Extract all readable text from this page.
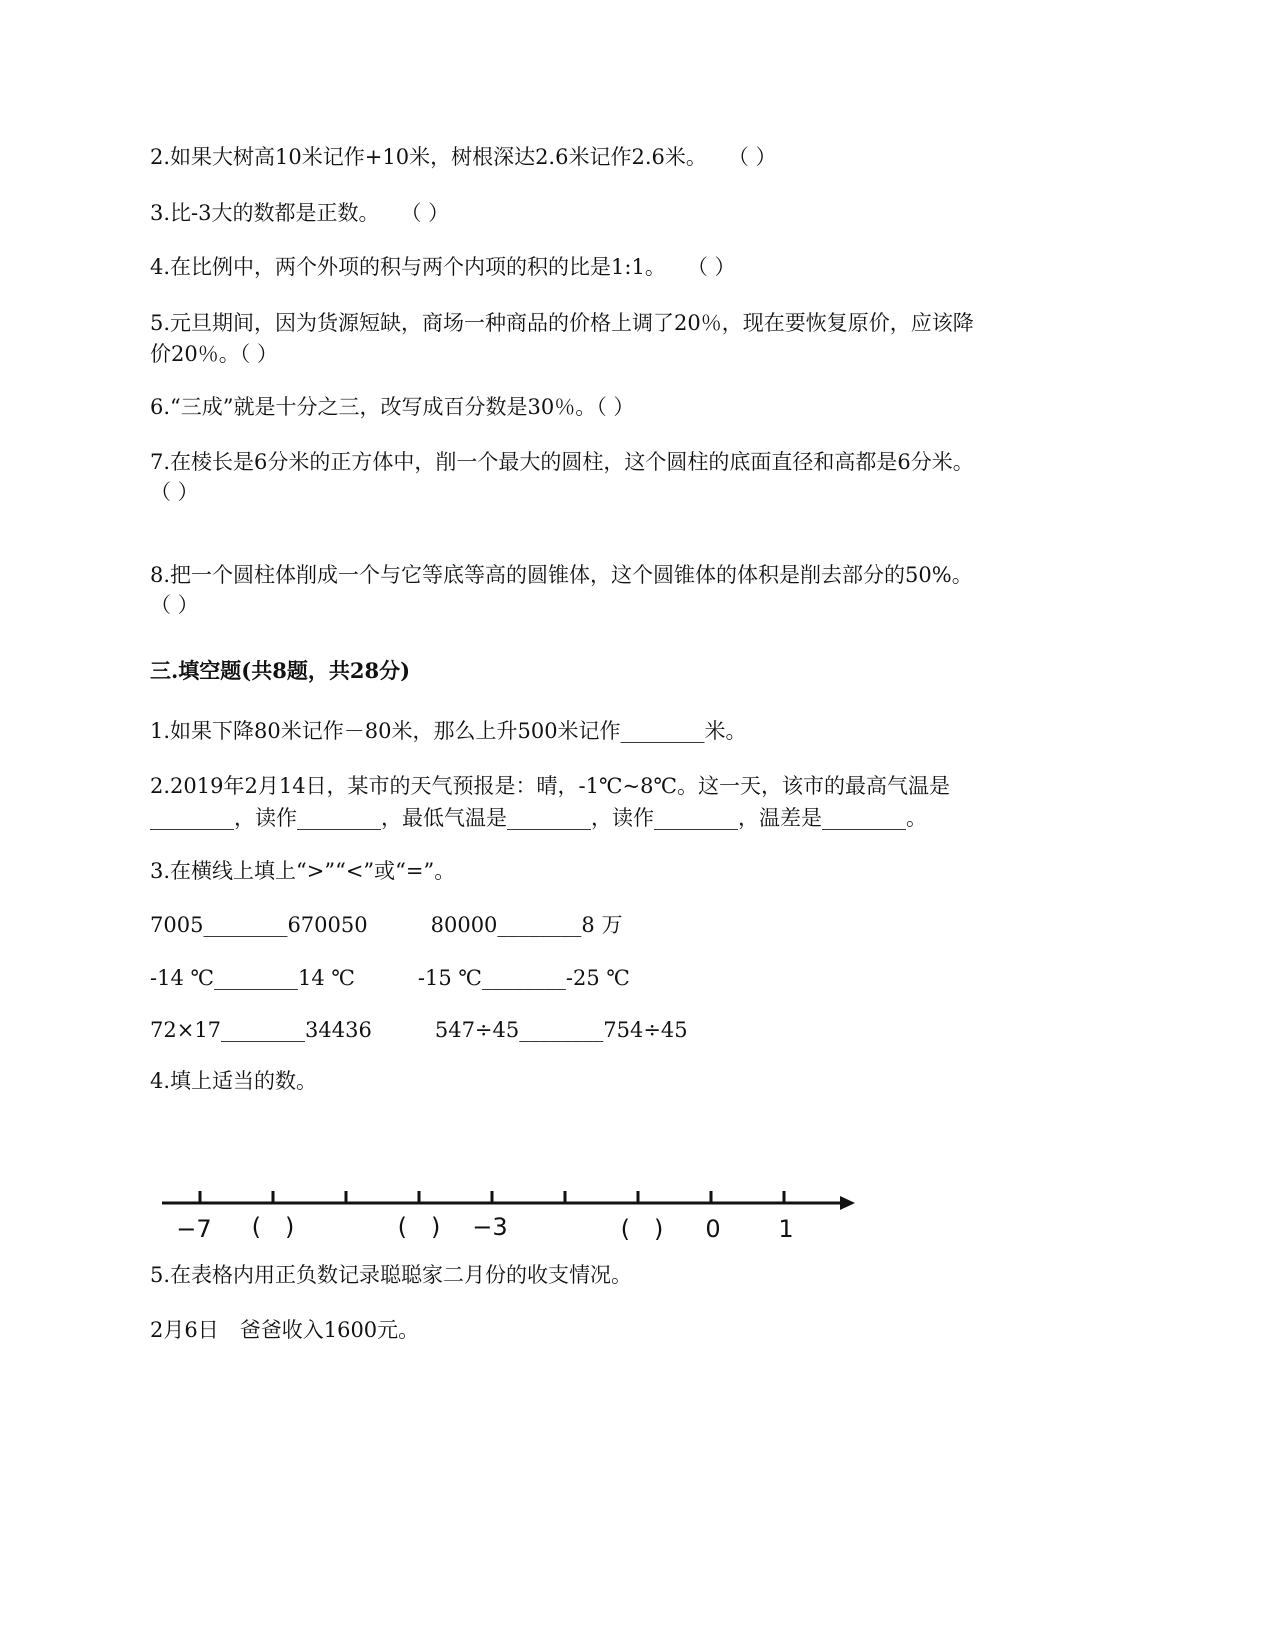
2.如果大树高10米记作+10米，树根深达2.6米记作2.6米。　　（ ）
3.比-3大的数都是正数。　　（ ）
4.在比例中，两个外项的积与两个内项的积的比是1:1。　　（ ）
5.元旦期间，因为货源短缺，商场一种商品的价格上调了20％，现在要恢复原价，应该降
价20％。（ ）
6.“三成”就是十分之三，改写成百分数是30％。（ ）
7.在棱长是6分米的正方体中，削一个最大的圆柱，这个圆柱的底面直径和高都是6分米。
（ ）
8.把一个圆柱体削成一个与它等底等高的圆锥体，这个圆锥体的体积是削去部分的50%。
（ ）
三.填空题(共8题，共28分)
1.如果下降80米记作－80米，那么上升500米记作________米。
2.2019年2月14日，某市的天气预报是：晴，-1℃~8℃。这一天，该市的最高气温是
________，读作________，最低气温是________，读作________，温差是________。
3.在横线上填上“>”“<”或“=”。
7005________670050　　　80000________8 万
-14 ℃________14 ℃　　　-15 ℃________-25 ℃
72×17________34436　　　547÷45________754÷45
4.填上适当的数。
−7 (　)	(　) −3	(　) 0 1
5.在表格内用正负数记录聪聪家二月份的收支情况。
2月6日　爸爸收入1600元。
